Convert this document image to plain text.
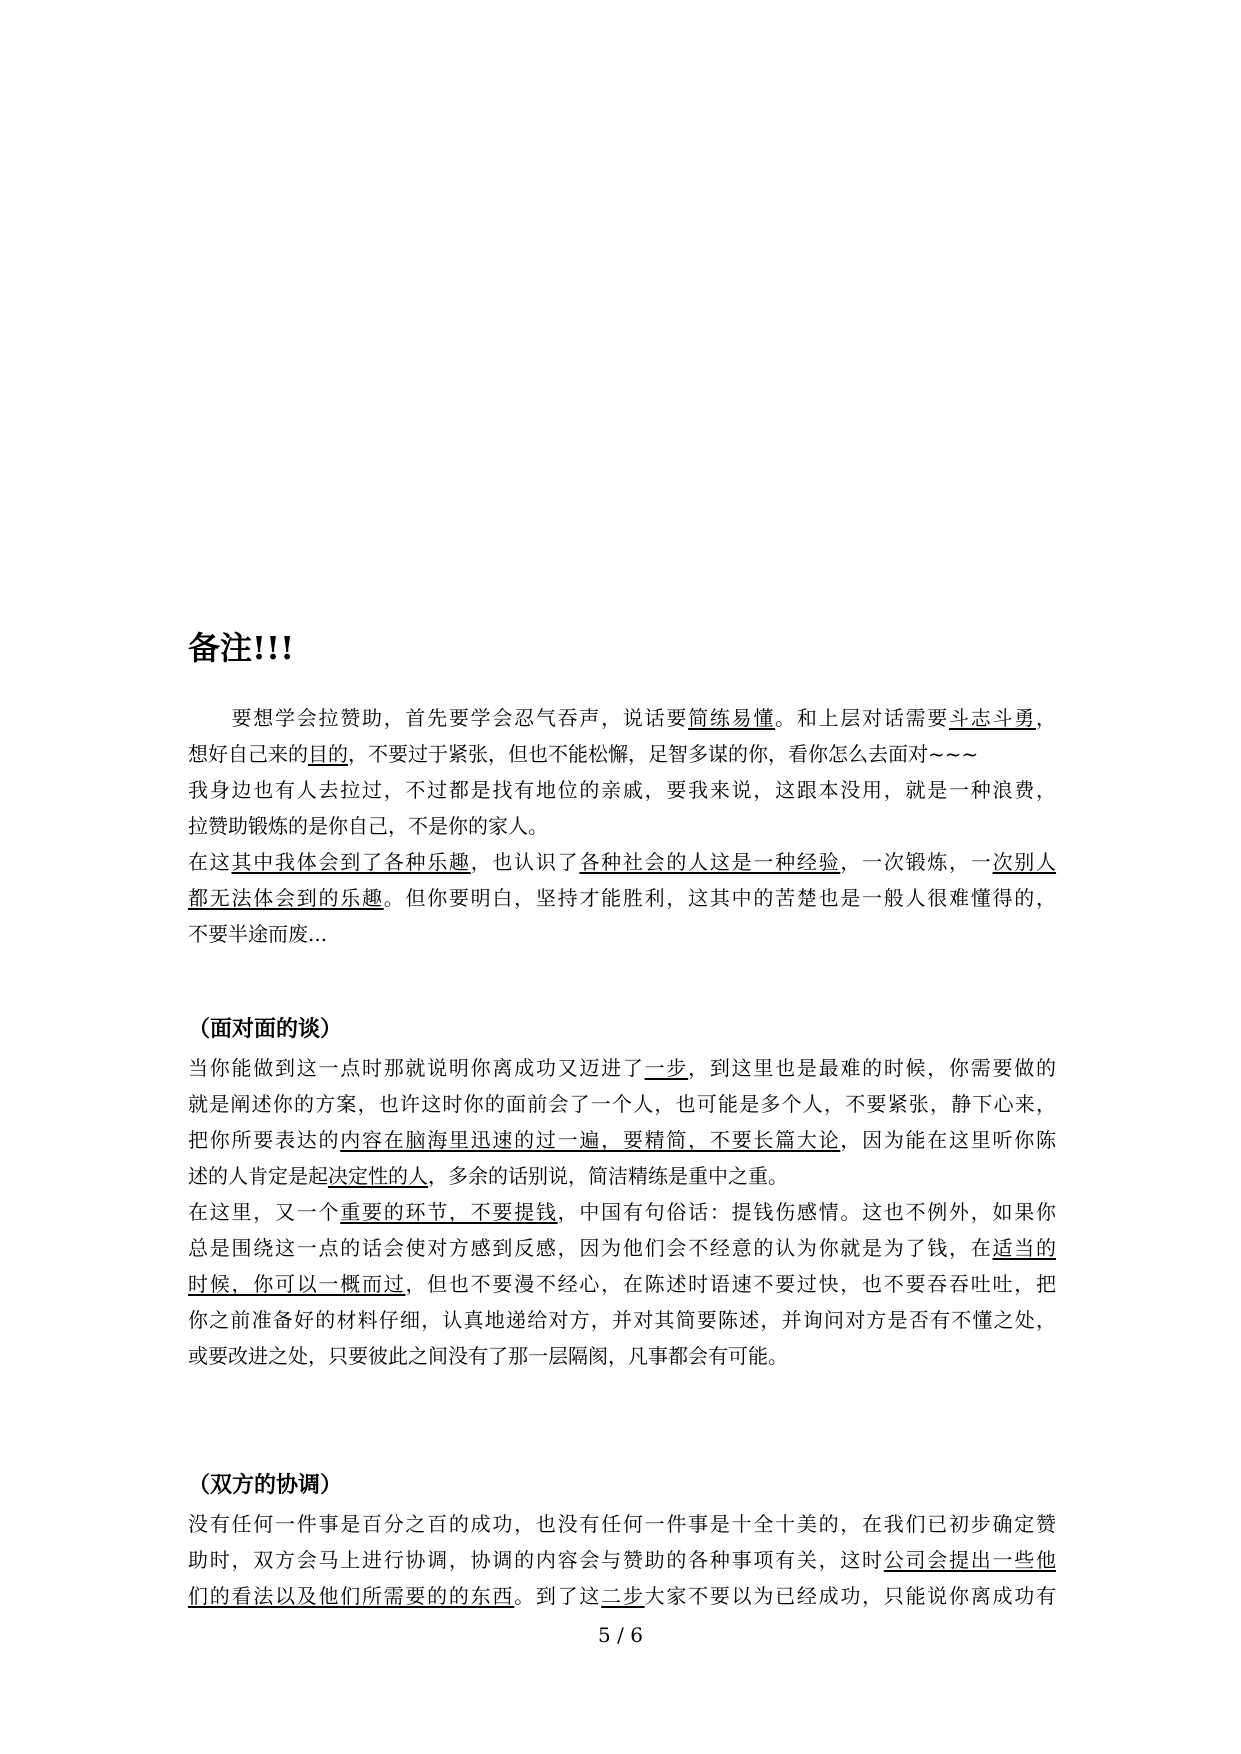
备注!!!
　　要想学会拉赞助，首先要学会忍气吞声，说话要简练易懂。和上层对话需要斗志斗勇，
想好自己来的目的，不要过于紧张，但也不能松懈，足智多谋的你，看你怎么去面对~~~
我身边也有人去拉过，不过都是找有地位的亲戚，要我来说，这跟本没用，就是一种浪费，
拉赞助锻炼的是你自己，不是你的家人。
在这其中我体会到了各种乐趣，也认识了各种社会的人这是一种经验，一次锻炼，一次别人
都无法体会到的乐趣。但你要明白，坚持才能胜利，这其中的苦楚也是一般人很难懂得的，
不要半途而废...
（面对面的谈）
当你能做到这一点时那就说明你离成功又迈进了一步，到这里也是最难的时候，你需要做的
就是阐述你的方案，也许这时你的面前会了一个人，也可能是多个人，不要紧张，静下心来，
把你所要表达的内容在脑海里迅速的过一遍，要精简，不要长篇大论，因为能在这里听你陈
述的人肯定是起决定性的人，多余的话别说，简洁精练是重中之重。
在这里，又一个重要的环节，不要提钱，中国有句俗话：提钱伤感情。这也不例外，如果你
总是围绕这一点的话会使对方感到反感，因为他们会不经意的认为你就是为了钱，在适当的
时候，你可以一概而过，但也不要漫不经心，在陈述时语速不要过快，也不要吞吞吐吐，把
你之前准备好的材料仔细，认真地递给对方，并对其简要陈述，并询问对方是否有不懂之处，
或要改进之处，只要彼此之间没有了那一层隔阂，凡事都会有可能。
（双方的协调）
没有任何一件事是百分之百的成功，也没有任何一件事是十全十美的，在我们已初步确定赞
助时，双方会马上进行协调，协调的内容会与赞助的各种事项有关，这时公司会提出一些他
们的看法以及他们所需要的的东西。到了这二步大家不要以为已经成功，只能说你离成功有
5 / 6
